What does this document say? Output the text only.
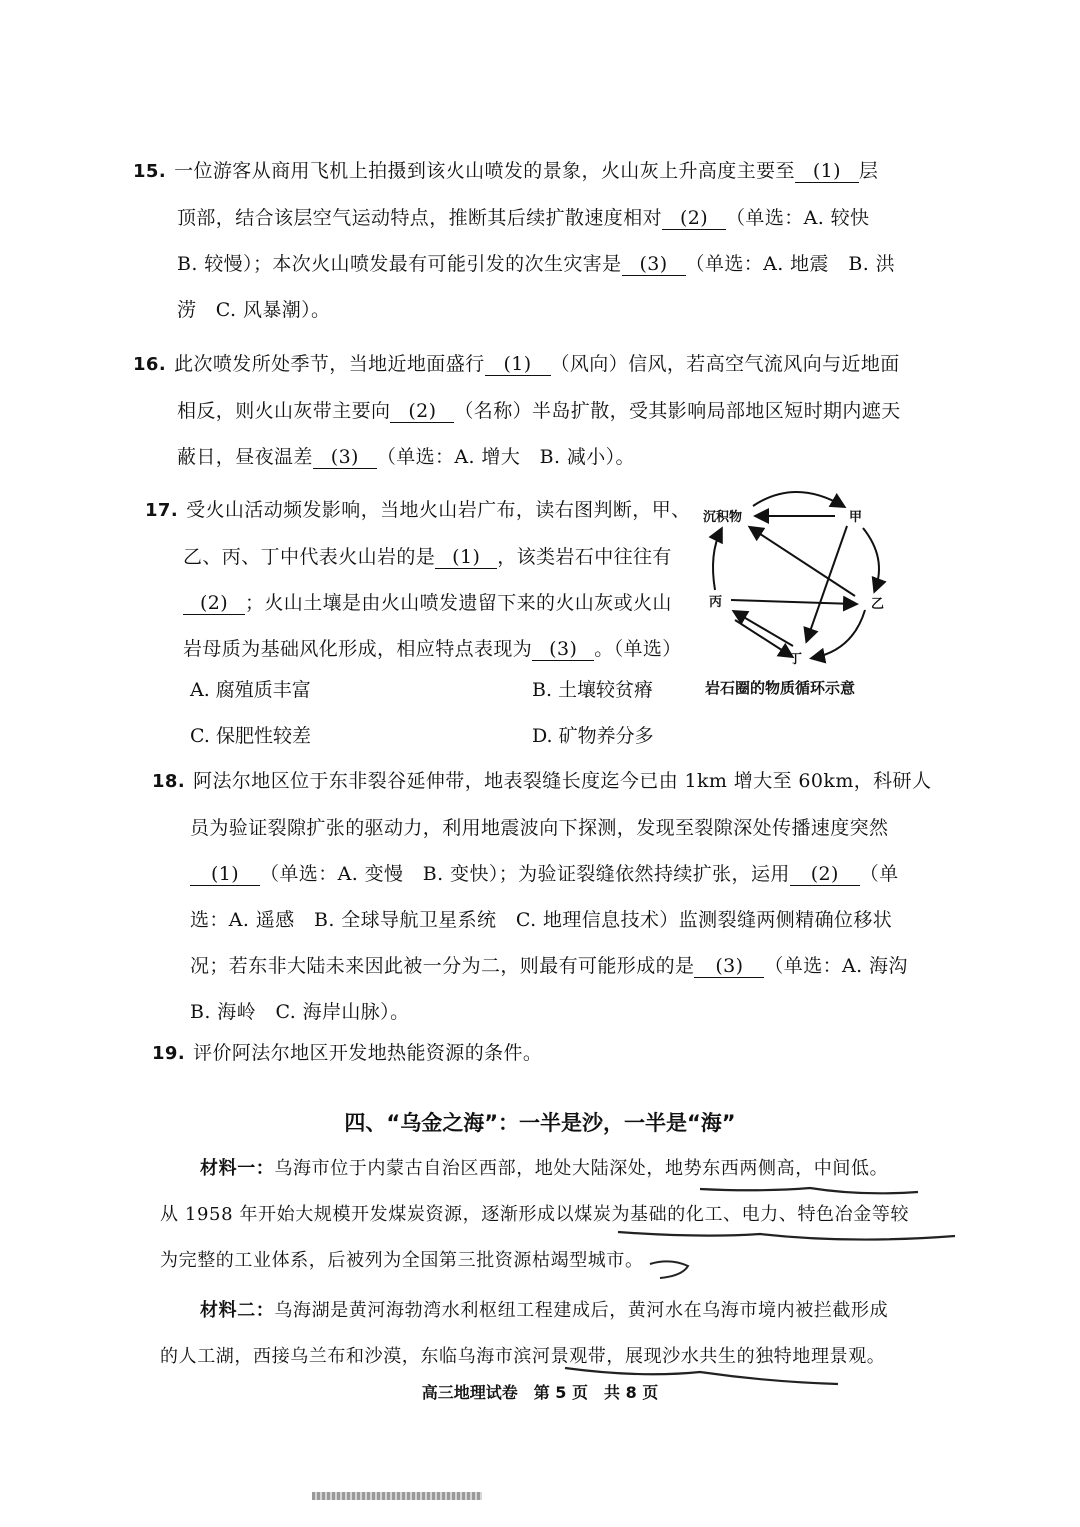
15. 一位游客从商用飞机上拍摄到该火山喷发的景象，火山灰上升高度主要至 (1) 层

顶部，结合该层空气运动特点，推断其后续扩散速度相对 (2) （单选：A. 较快

B. 较慢）；本次火山喷发最有可能引发的次生灾害是 (3) （单选：A. 地震　B. 洪

涝　C. 风暴潮）。

16. 此次喷发所处季节，当地近地面盛行 (1) （风向）信风，若高空气流风向与近地面

相反，则火山灰带主要向 (2) （名称）半岛扩散，受其影响局部地区短时期内遮天

蔽日，昼夜温差 (3) （单选：A. 增大　B. 减小）。

17. 受火山活动频发影响，当地火山岩广布，读右图判断，甲、

乙、丙、丁中代表火山岩的是 (1) ，该类岩石中往往有

(2) ；火山土壤是由火山喷发遗留下来的火山灰或火山

岩母质为基础风化形成，相应特点表现为 (3) 。（单选）

A. 腐殖质丰富	B. 土壤较贫瘠
C. 保肥性较差	D. 矿物养分多
沉积物	甲
乙
丙
丁
岩石圈的物质循环示意

18. 阿法尔地区位于东非裂谷延伸带，地表裂缝长度迄今已由 1km 增大至 60km，科研人

员为验证裂隙扩张的驱动力，利用地震波向下探测，发现至裂隙深处传播速度突然

(1) （单选：A. 变慢　B. 变快）；为验证裂缝依然持续扩张，运用 (2) （单

选：A. 遥感　B. 全球导航卫星系统　C. 地理信息技术）监测裂缝两侧精确位移状

况；若东非大陆未来因此被一分为二，则最有可能形成的是 (3) （单选：A. 海沟

B. 海岭　C. 海岸山脉）。

19. 评价阿法尔地区开发地热能资源的条件。

四、“乌金之海”：一半是沙，一半是“海”

材料一：乌海市位于内蒙古自治区西部，地处大陆深处，地势东西两侧高，中间低。

从 1958 年开始大规模开发煤炭资源，逐渐形成以煤炭为基础的化工、电力、特色冶金等较

为完整的工业体系，后被列为全国第三批资源枯竭型城市。

材料二：乌海湖是黄河海勃湾水利枢纽工程建成后，黄河水在乌海市境内被拦截形成

的人工湖，西接乌兰布和沙漠，东临乌海市滨河景观带，展现沙水共生的独特地理景观。

高三地理试卷　第 5 页　共 8 页
